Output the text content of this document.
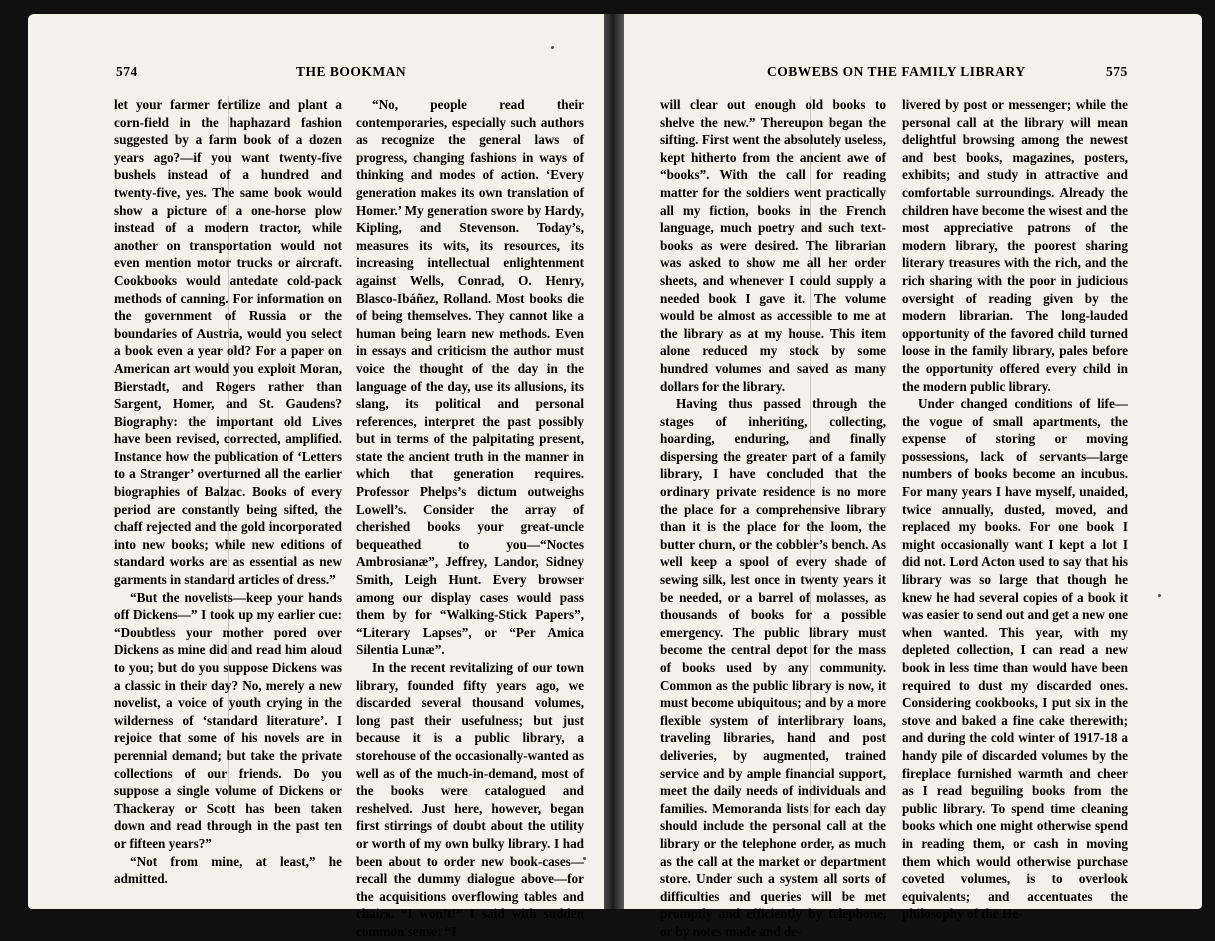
574	THE BOOKMAN	COBWEBS ON THE FAMILY LIBRARY	575

let your farmer fertilize and plant a corn-field in the haphazard fashion suggested by a farm book of a dozen years ago?—if you want twenty-five bushels instead of a hundred and twenty-five, yes. The same book would show a picture of a one-horse plow instead of a modern tractor, while another on transportation would not even mention motor trucks or aircraft. Cookbooks would antedate cold-pack methods of canning. For information on the government of Russia or the boundaries of Austria, would you select a book even a year old? For a paper on American art would you exploit Moran, Bierstadt, and Rogers rather than Sargent, Homer, and St. Gaudens? Biography: the important old Lives have been revised, corrected, amplified. Instance how the publication of ‘Letters to a Stranger’ overturned all the earlier biographies of Balzac. Books of every period are constantly being sifted, the chaff rejected and the gold incorporated into new books; while new editions of standard works are as essential as new garments in standard articles of dress.”

“But the novelists—keep your hands off Dickens—” I took up my earlier cue: “Doubtless your mother pored over Dickens as mine did and read him aloud to you; but do you suppose Dickens was a classic in their day? No, merely a new novelist, a voice of youth crying in the wilderness of ‘standard literature’. I rejoice that some of his novels are in perennial demand; but take the private collections of our friends. Do you suppose a single volume of Dickens or Thackeray or Scott has been taken down and read through in the past ten or fifteen years?”

“Not from mine, at least,” he admitted.

“No, people read their contemporaries, especially such authors as recognize the general laws of progress, changing fashions in ways of thinking and modes of action. ‘Every generation makes its own translation of Homer.’ My generation swore by Hardy, Kipling, and Stevenson. Today’s, measures its wits, its resources, its increasing intellectual enlightenment against Wells, Conrad, O. Henry, Blasco-Ibáñez, Rolland. Most books die of being themselves. They cannot like a human being learn new methods. Even in essays and criticism the author must voice the thought of the day in the language of the day, use its allusions, its slang, its political and personal references, interpret the past possibly but in terms of the palpitating present, state the ancient truth in the manner in which that generation requires. Professor Phelps’s dictum outweighs Lowell’s. Consider the array of cherished books your great-uncle bequeathed to you—“Noctes Ambrosianæ”, Jeffrey, Landor, Sidney Smith, Leigh Hunt. Every browser among our display cases would pass them by for “Walking-Stick Papers”, “Literary Lapses”, or “Per Amica Silentia Lunæ”.

In the recent revitalizing of our town library, founded fifty years ago, we discarded several thousand volumes, long past their usefulness; but just because it is a public library, a storehouse of the occasionally-wanted as well as of the much-in-demand, most of the books were catalogued and reshelved. Just here, however, began first stirrings of doubt about the utility or worth of my own bulky library. I had been about to order new book-cases—recall the dummy dialogue above—for the acquisitions overflowing tables and chairs. “I won’t!” I said with sudden common sense; “I

will clear out enough old books to shelve the new.” Thereupon began the sifting. First went the absolutely useless, kept hitherto from the ancient awe of “books”. With the call for reading matter for the soldiers went practically all my fiction, books in the French language, much poetry and such text-books as were desired. The librarian was asked to show me all her order sheets, and whenever I could supply a needed book I gave it. The volume would be almost as accessible to me at the library as at my house. This item alone reduced my stock by some hundred volumes and saved as many dollars for the library.

Having thus passed through the stages of inheriting, collecting, hoarding, enduring, and finally dispersing the greater part of a family library, I have concluded that the ordinary private residence is no more the place for a comprehensive library than it is the place for the loom, the butter churn, or the cobbler’s bench. As well keep a spool of every shade of sewing silk, lest once in twenty years it be needed, or a barrel of molasses, as thousands of books for a possible emergency. The public library must become the central depot for the mass of books used by any community. Common as the public library is now, it must become ubiquitous; and by a more flexible system of interlibrary loans, traveling libraries, hand and post deliveries, by augmented, trained service and by ample financial support, meet the daily needs of individuals and families. Memoranda lists for each day should include the personal call at the library or the telephone order, as much as the call at the market or department store. Under such a system all sorts of difficulties and queries will be met promptly and efficiently by telephone, or by notes made and de-

livered by post or messenger; while the personal call at the library will mean delightful browsing among the newest and best books, magazines, posters, exhibits; and study in attractive and comfortable surroundings. Already the children have become the wisest and the most appreciative patrons of the modern library, the poorest sharing literary treasures with the rich, and the rich sharing with the poor in judicious oversight of reading given by the modern librarian. The long-lauded opportunity of the favored child turned loose in the family library, pales before the opportunity offered every child in the modern public library.

Under changed conditions of life—the vogue of small apartments, the expense of storing or moving possessions, lack of servants—large numbers of books become an incubus. For many years I have myself, unaided, twice annually, dusted, moved, and replaced my books. For one book I might occasionally want I kept a lot I did not. Lord Acton used to say that his library was so large that though he knew he had several copies of a book it was easier to send out and get a new one when wanted. This year, with my depleted collection, I can read a new book in less time than would have been required to dust my discarded ones. Considering cookbooks, I put six in the stove and baked a fine cake therewith; and during the cold winter of 1917-18 a handy pile of discarded volumes by the fireplace furnished warmth and cheer as I read beguiling books from the public library. To spend time cleaning books which one might otherwise spend in reading them, or cash in moving them which would otherwise purchase coveted volumes, is to overlook equivalents; and accentuates the philosophy of the He-
